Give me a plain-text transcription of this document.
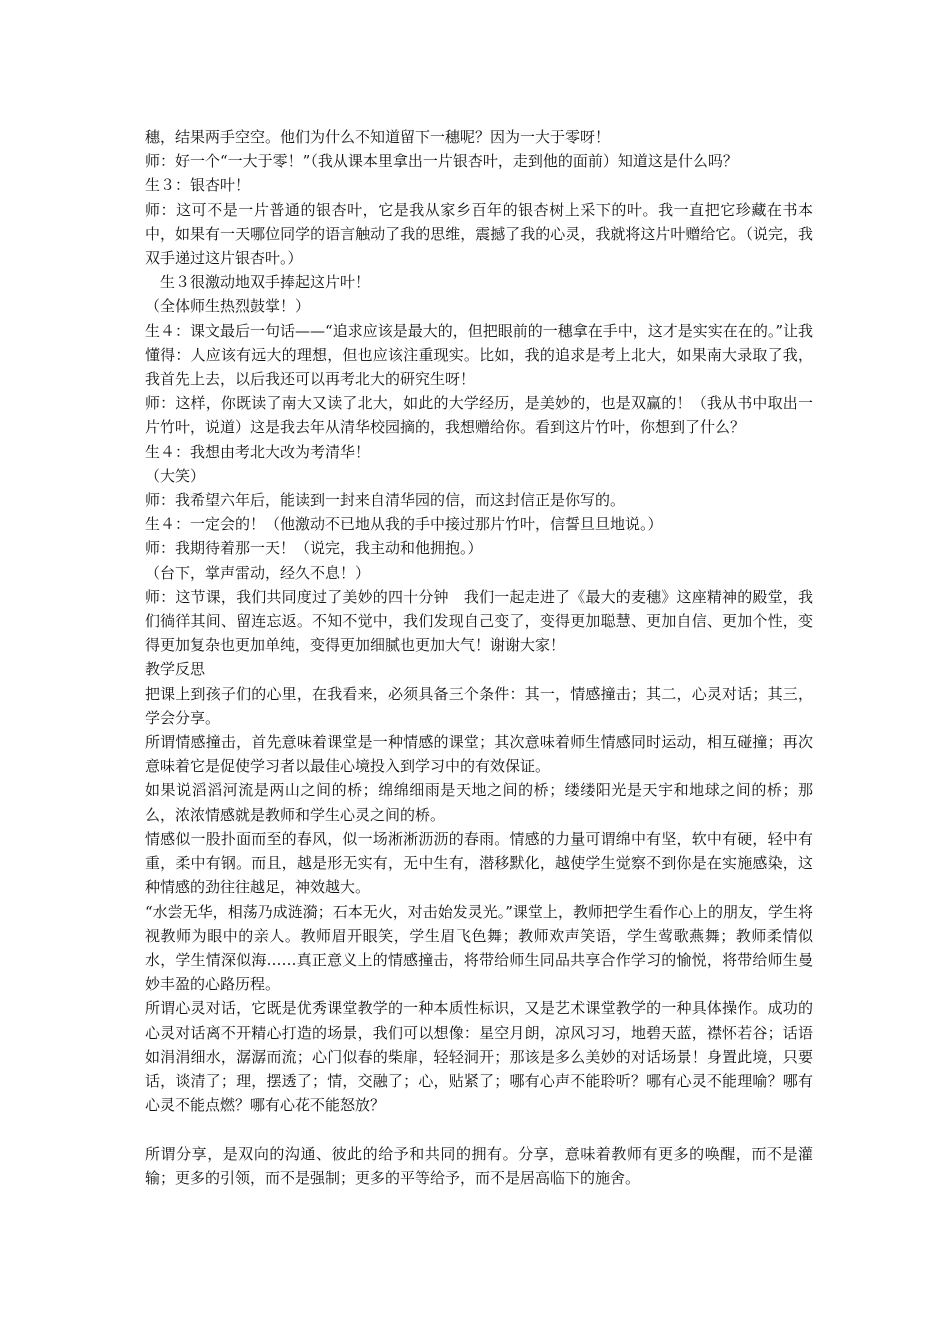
穗，结果两手空空。他们为什么不知道留下一穗呢？因为一大于零呀！

师：好一个“一大于零！”（我从课本里拿出一片银杏叶，走到他的面前）知道这是什么吗？

生３：银杏叶！

师：这可不是一片普通的银杏叶，它是我从家乡百年的银杏树上采下的叶。我一直把它珍藏在书本中，如果有一天哪位同学的语言触动了我的思维，震撼了我的心灵，我就将这片叶赠给它。（说完，我双手递过这片银杏叶。）

生３很激动地双手捧起这片叶！

（全体师生热烈鼓掌！）

生４：课文最后一句话——“追求应该是最大的，但把眼前的一穗拿在手中，这才是实实在在的。”让我懂得：人应该有远大的理想，但也应该注重现实。比如，我的追求是考上北大，如果南大录取了我，我首先上去，以后我还可以再考北大的研究生呀！

师：这样，你既读了南大又读了北大，如此的大学经历，是美妙的，也是双赢的！（我从书中取出一片竹叶，说道）这是我去年从清华校园摘的，我想赠给你。看到这片竹叶，你想到了什么？

生４：我想由考北大改为考清华！

（大笑）

师：我希望六年后，能读到一封来自清华园的信，而这封信正是你写的。

生４：一定会的！（他激动不已地从我的手中接过那片竹叶，信誓旦旦地说。）

师：我期待着那一天！（说完，我主动和他拥抱。）

（台下，掌声雷动，经久不息！）

师：这节课，我们共同度过了美妙的四十分钟　我们一起走进了《最大的麦穗》这座精神的殿堂，我们徜徉其间、留连忘返。不知不觉中，我们发现自己变了，变得更加聪慧、更加自信、更加个性，变得更加复杂也更加单纯，变得更加细腻也更加大气！谢谢大家！

教学反思

把课上到孩子们的心里，在我看来，必须具备三个条件：其一，情感撞击；其二，心灵对话；其三，学会分享。

所谓情感撞击，首先意味着课堂是一种情感的课堂；其次意味着师生情感同时运动，相互碰撞；再次意味着它是促使学习者以最佳心境投入到学习中的有效保证。

如果说滔滔河流是两山之间的桥；绵绵细雨是天地之间的桥；缕缕阳光是天宇和地球之间的桥；那么，浓浓情感就是教师和学生心灵之间的桥。

情感似一股扑面而至的春风，似一场淅淅沥沥的春雨。情感的力量可谓绵中有坚，软中有硬，轻中有重，柔中有钢。而且，越是形无实有，无中生有，潜移默化，越使学生觉察不到你是在实施感染，这种情感的劲往往越足，神效越大。

“水尝无华，相荡乃成涟漪；石本无火，对击始发灵光。”课堂上，教师把学生看作心上的朋友，学生将视教师为眼中的亲人。教师眉开眼笑，学生眉飞色舞；教师欢声笑语，学生莺歌燕舞；教师柔情似水，学生情深似海……真正意义上的情感撞击，将带给师生同品共享合作学习的愉悦，将带给师生曼妙丰盈的心路历程。

所谓心灵对话，它既是优秀课堂教学的一种本质性标识，又是艺术课堂教学的一种具体操作。成功的心灵对话离不开精心打造的场景，我们可以想像：星空月朗，凉风习习，地碧天蓝，襟怀若谷；话语如涓涓细水，潺潺而流；心门似春的柴扉，轻轻洞开；那该是多么美妙的对话场景！身置此境，只要话，谈清了；理，摆透了；情，交融了；心，贴紧了；哪有心声不能聆听？哪有心灵不能理喻？哪有心灵不能点燃？哪有心花不能怒放？

所谓分享，是双向的沟通、彼此的给予和共同的拥有。分享，意味着教师有更多的唤醒，而不是灌输；更多的引领，而不是强制；更多的平等给予，而不是居高临下的施舍。
